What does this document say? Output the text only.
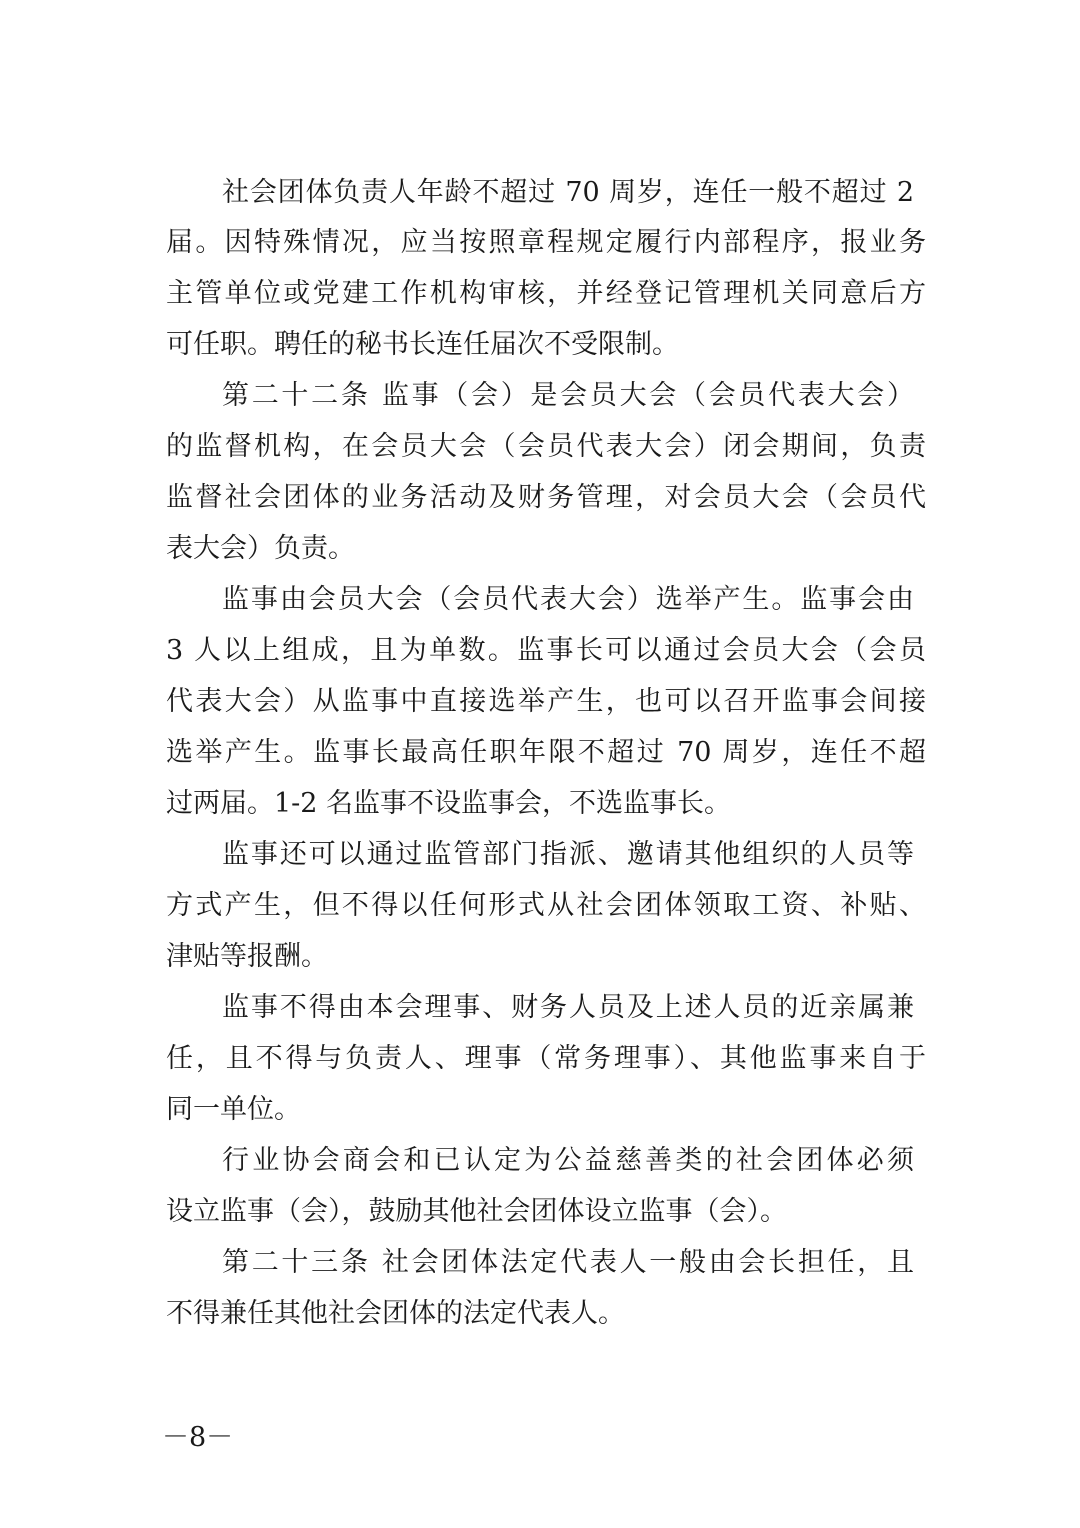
社会团体负责人年龄不超过 70 周岁，连任一般不超过 2
届。因特殊情况，应当按照章程规定履行内部程序，报业务
主管单位或党建工作机构审核，并经登记管理机关同意后方
可任职。聘任的秘书长连任届次不受限制。
第二十二条 监事（会）是会员大会（会员代表大会）
的监督机构，在会员大会（会员代表大会）闭会期间，负责
监督社会团体的业务活动及财务管理，对会员大会（会员代
表大会）负责。
监事由会员大会（会员代表大会）选举产生。监事会由
3 人以上组成，且为单数。监事长可以通过会员大会（会员
代表大会）从监事中直接选举产生，也可以召开监事会间接
选举产生。监事长最高任职年限不超过 70 周岁，连任不超
过两届。1-2 名监事不设监事会，不选监事长。
监事还可以通过监管部门指派、邀请其他组织的人员等
方式产生，但不得以任何形式从社会团体领取工资、补贴、
津贴等报酬。
监事不得由本会理事、财务人员及上述人员的近亲属兼
任，且不得与负责人、理事（常务理事）、其他监事来自于
同一单位。
行业协会商会和已认定为公益慈善类的社会团体必须
设立监事（会），鼓励其他社会团体设立监事（会）。
第二十三条 社会团体法定代表人一般由会长担任，且
不得兼任其他社会团体的法定代表人。
－8－
